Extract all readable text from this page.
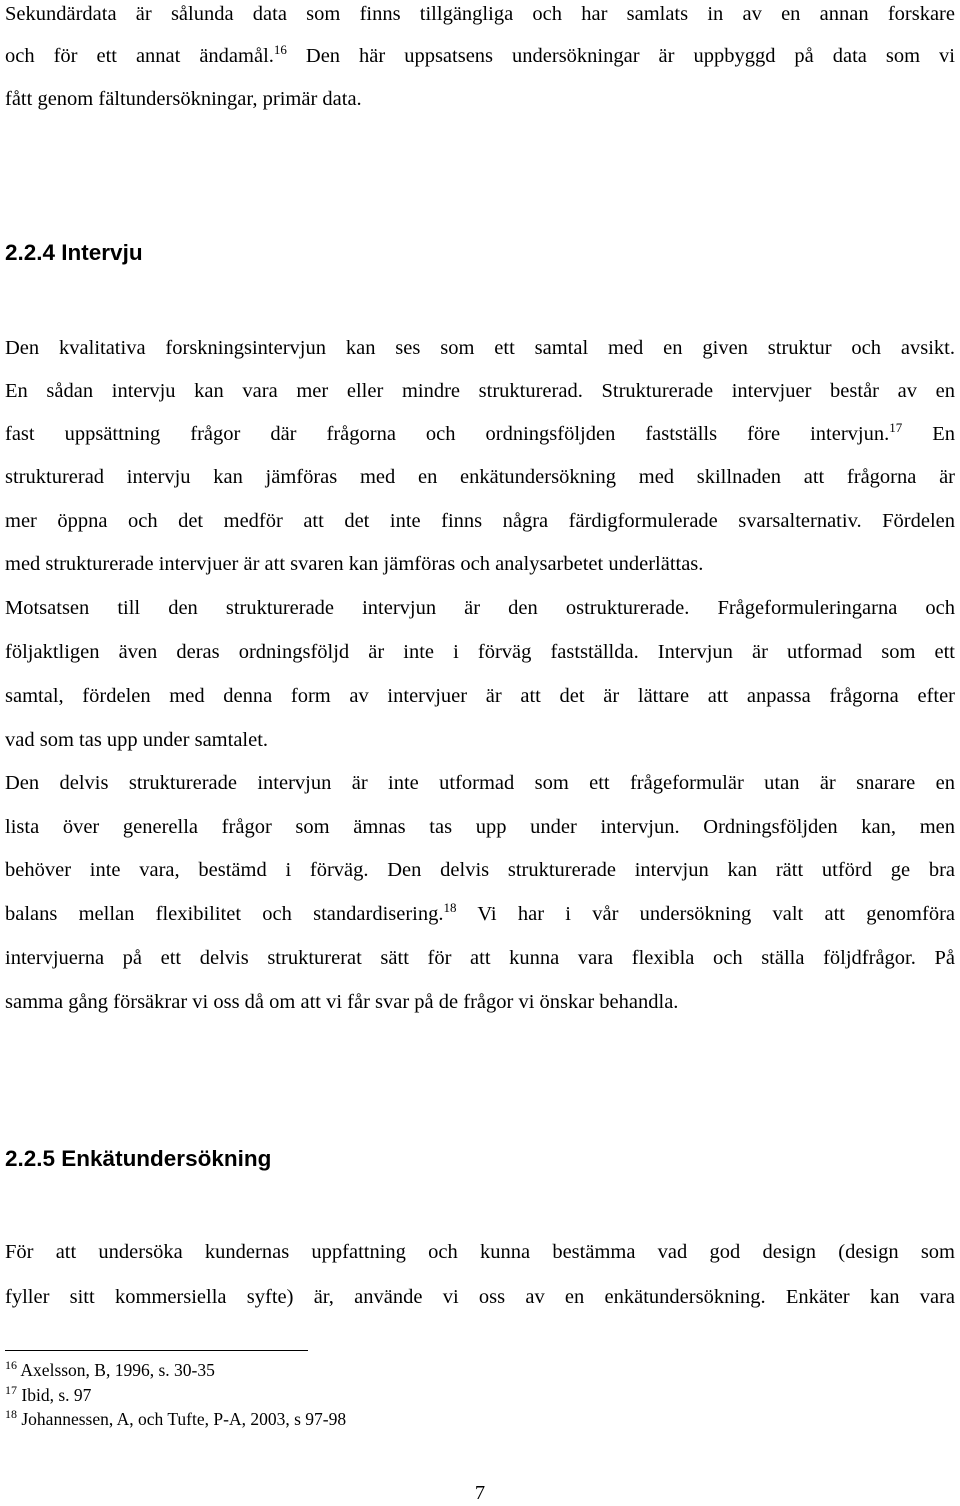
Sekundärdata är sålunda data som finns tillgängliga och har samlats in av en annan forskare

och för ett annat ändamål.$^{16}$ Den här uppsatsens undersökningar är uppbyggd på data som vi

fått genom fältundersökningar, primär data.

2.2.4 Intervju

Den kvalitativa forskningsintervjun kan ses som ett samtal med en given struktur och avsikt.

En sådan intervju kan vara mer eller mindre strukturerad. Strukturerade intervjuer består av en

fast uppsättning frågor där frågorna och ordningsföljden fastställs före intervjun.$^{17}$ En

strukturerad intervju kan jämföras med en enkätundersökning med skillnaden att frågorna är

mer öppna och det medför att det inte finns några färdigformulerade svarsalternativ. Fördelen

med strukturerade intervjuer är att svaren kan jämföras och analysarbetet underlättas.

Motsatsen till den strukturerade intervjun är den ostrukturerade. Frågeformuleringarna och

följaktligen även deras ordningsföljd är inte i förväg fastställda. Intervjun är utformad som ett

samtal, fördelen med denna form av intervjuer är att det är lättare att anpassa frågorna efter

vad som tas upp under samtalet.

Den delvis strukturerade intervjun är inte utformad som ett frågeformulär utan är snarare en

lista över generella frågor som ämnas tas upp under intervjun. Ordningsföljden kan, men

behöver inte vara, bestämd i förväg. Den delvis strukturerade intervjun kan rätt utförd ge bra

balans mellan flexibilitet och standardisering.$^{18}$ Vi har i vår undersökning valt att genomföra

intervjuerna på ett delvis strukturerat sätt för att kunna vara flexibla och ställa följdfrågor. På

samma gång försäkrar vi oss då om att vi får svar på de frågor vi önskar behandla.

2.2.5 Enkätundersökning

För att undersöka kundernas uppfattning och kunna bestämma vad god design (design som

fyller sitt kommersiella syfte) är, använde vi oss av en enkätundersökning. Enkäter kan vara

$^{16}$ Axelsson, B, 1996, s. 30-35

$^{17}$ Ibid, s. 97

$^{18}$ Johannessen, A, och Tufte, P-A, 2003, s 97-98

7
